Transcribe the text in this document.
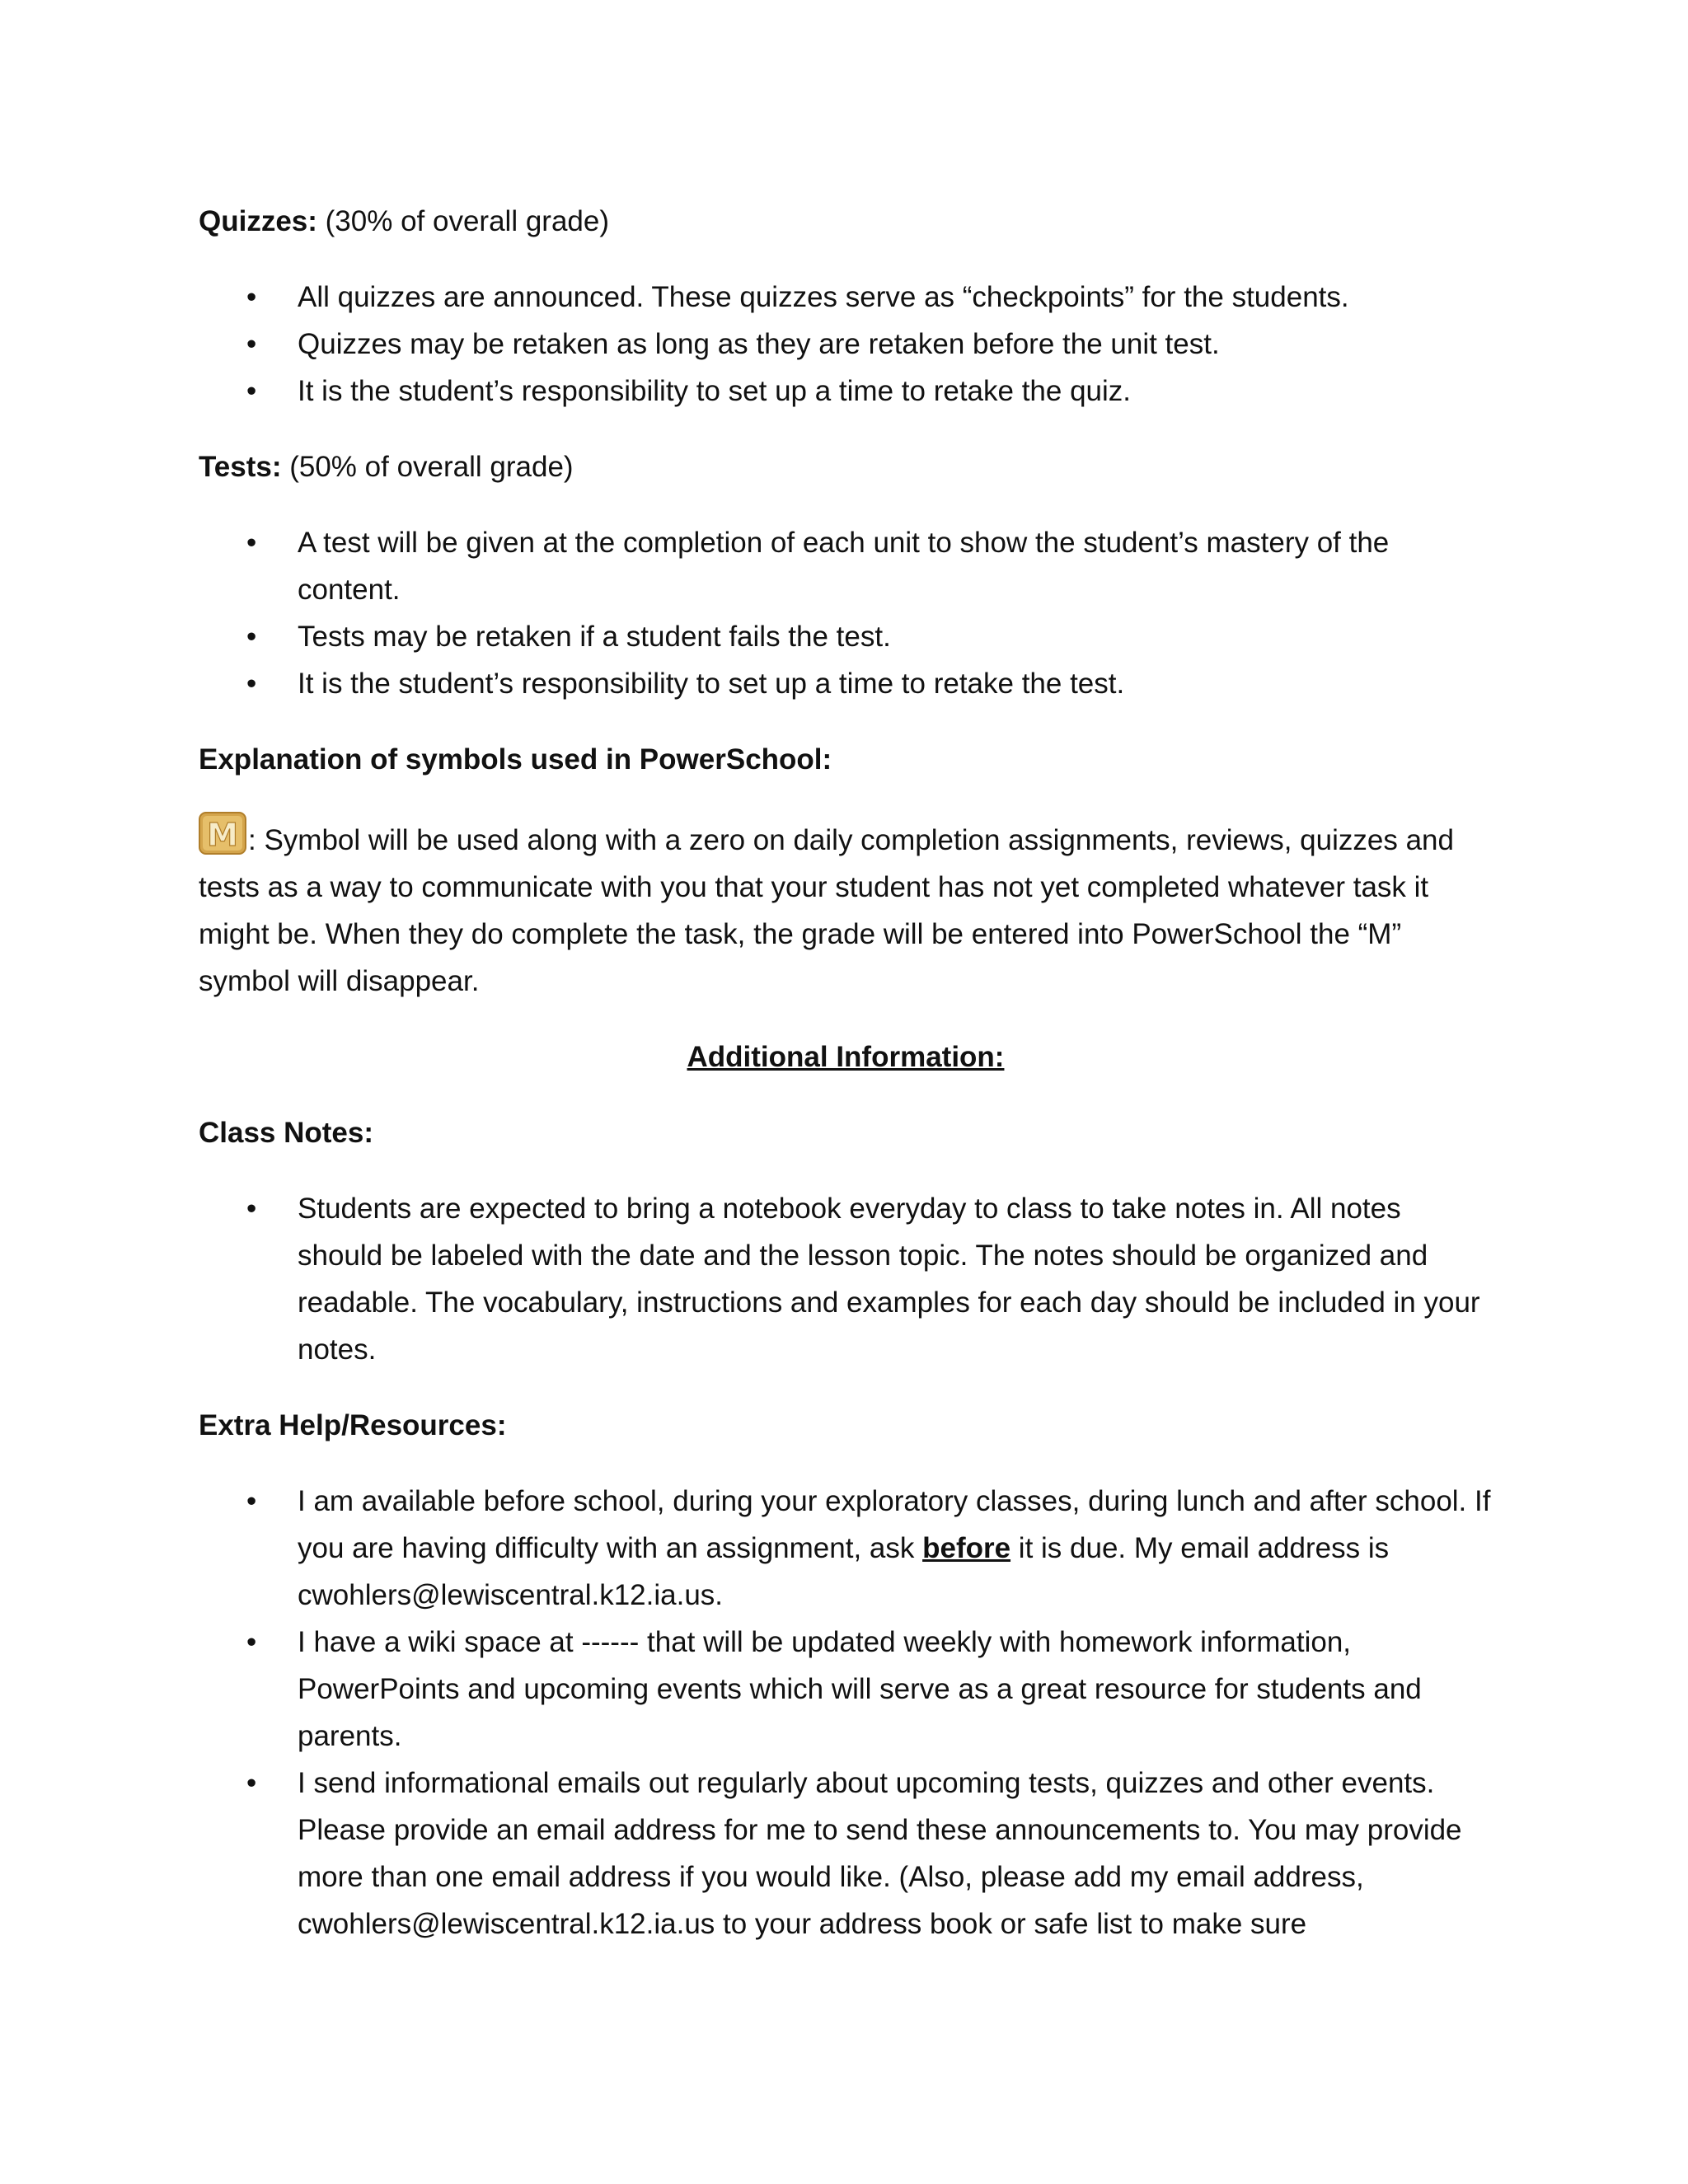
Quizzes: (30% of overall grade)

• All quizzes are announced. These quizzes serve as “checkpoints” for the students.
• Quizzes may be retaken as long as they are retaken before the unit test.
• It is the student’s responsibility to set up a time to retake the quiz.

Tests: (50% of overall grade)

• A test will be given at the completion of each unit to show the student’s mastery of the content.
• Tests may be retaken if a student fails the test.
• It is the student’s responsibility to set up a time to retake the test.

Explanation of symbols used in PowerSchool:

M : Symbol will be used along with a zero on daily completion assignments, reviews, quizzes and tests as a way to communicate with you that your student has not yet completed whatever task it might be. When they do complete the task, the grade will be entered into PowerSchool the “M” symbol will disappear.

Additional Information:

Class Notes:

• Students are expected to bring a notebook everyday to class to take notes in. All notes should be labeled with the date and the lesson topic. The notes should be organized and readable. The vocabulary, instructions and examples for each day should be included in your notes.

Extra Help/Resources:

• I am available before school, during your exploratory classes, during lunch and after school. If you are having difficulty with an assignment, ask before it is due. My email address is cwohlers@lewiscentral.k12.ia.us.
• I have a wiki space at ------ that will be updated weekly with homework information, PowerPoints and upcoming events which will serve as a great resource for students and parents.
• I send informational emails out regularly about upcoming tests, quizzes and other events. Please provide an email address for me to send these announcements to. You may provide more than one email address if you would like. (Also, please add my email address, cwohlers@lewiscentral.k12.ia.us to your address book or safe list to make sure
